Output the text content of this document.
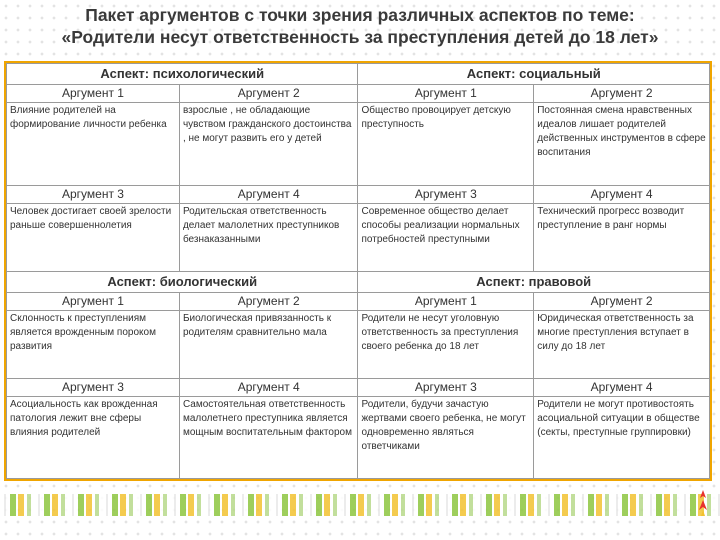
Пакет аргументов с точки зрения различных аспектов по теме:
«Родители несут ответственность за преступления детей до 18 лет»
Аспект: психологический		Аспект: социальный	
Аргумент 1	Аргумент 2	Аргумент 1	Аргумент 2
Влияние родителей на формирование личности ребенка	взрослые , не обладающие чувством гражданского достоинства , не могут развить его у детей	Общество провоцирует детскую преступность	Постоянная смена нравственных идеалов лишает родителей действенных инструментов в сфере воспитания
Аргумент 3	Аргумент 4	Аргумент 3	Аргумент 4
Человек достигает своей зрелости раньше совершеннолетия	Родительская ответственность делает малолетних преступников безнаказанными	Современное общество делает способы реализации нормальных потребностей преступными	Технический прогресс возводит преступление в ранг нормы
Аспект: биологический		Аспект: правовой	
Аргумент 1	Аргумент 2	Аргумент 1	Аргумент 2
Склонность к преступлениям является врожденным пороком развития	Биологическая привязанность к родителям сравнительно мала	Родители не несут уголовную ответственность за преступления своего ребенка до 18 лет	Юридическая ответственность за многие преступления вступает в силу до 18 лет
Аргумент 3	Аргумент 4	Аргумент 3	Аргумент 4
Асоциальность как врожденная патология лежит вне сферы влияния родителей	Самостоятельная ответственность малолетнего преступника является мощным воспитательным фактором	Родители, будучи зачастую жертвами своего ребенка, не могут одновременно являться ответчиками	Родители не могут противостоять асоциальной ситуации в обществе (секты, преступные группировки)
